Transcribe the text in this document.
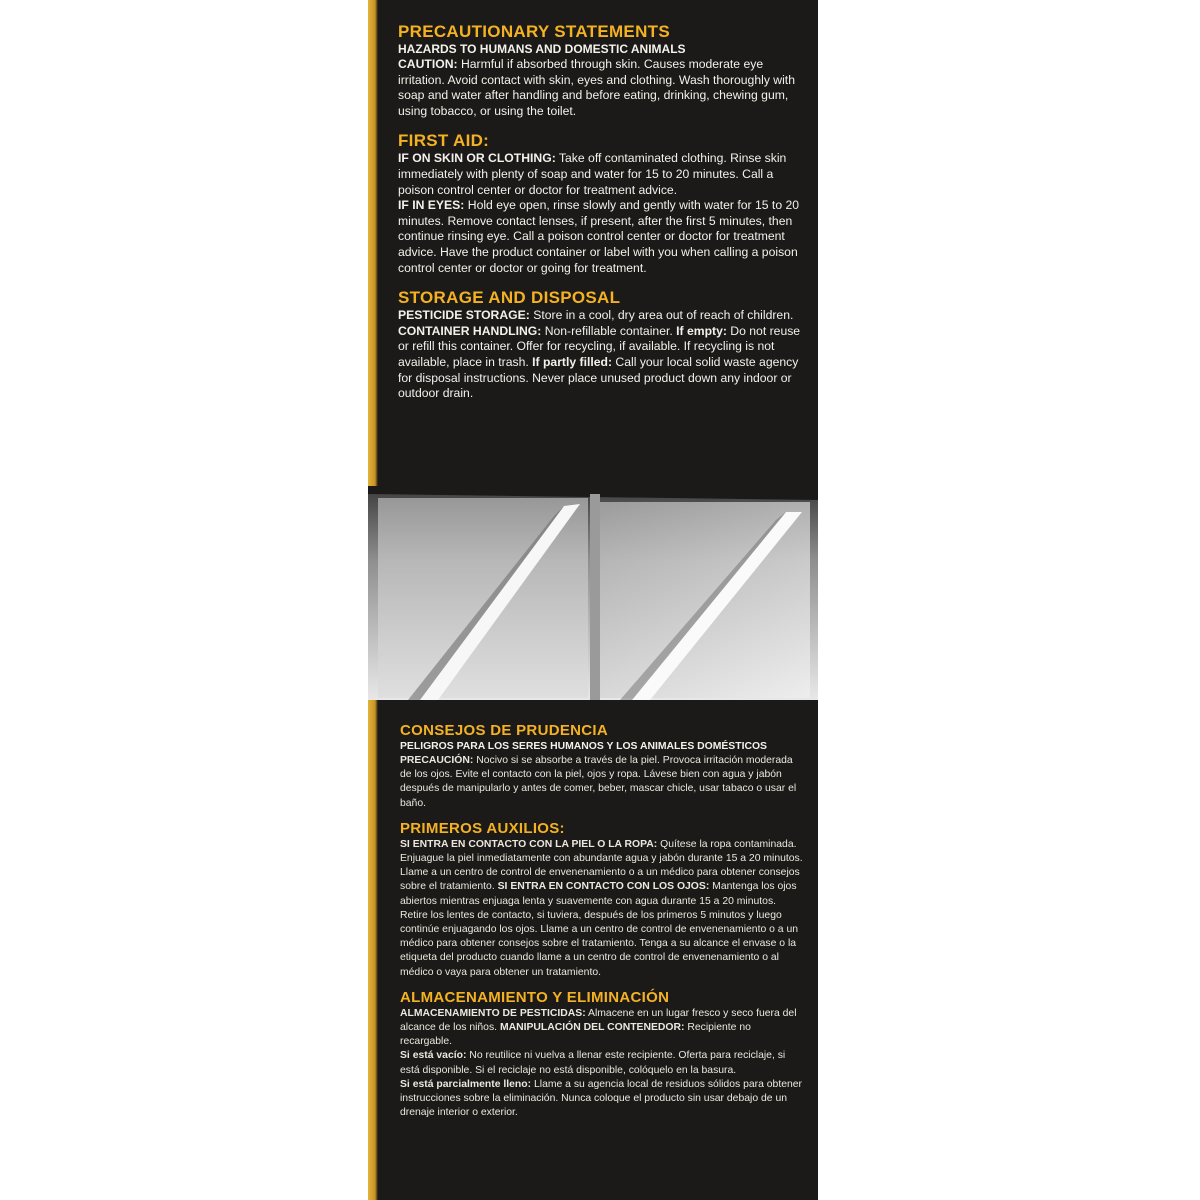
PRECAUTIONARY STATEMENTS
HAZARDS TO HUMANS AND DOMESTIC ANIMALS

CAUTION: Harmful if absorbed through skin. Causes moderate eye irritation. Avoid contact with skin, eyes and clothing. Wash thoroughly with soap and water after handling and before eating, drinking, chewing gum, using tobacco, or using the toilet.

FIRST AID:

IF ON SKIN OR CLOTHING: Take off contaminated clothing. Rinse skin immediately with plenty of soap and water for 15 to 20 minutes. Call a poison control center or doctor for treatment advice.

IF IN EYES: Hold eye open, rinse slowly and gently with water for 15 to 20 minutes. Remove contact lenses, if present, after the first 5 minutes, then continue rinsing eye. Call a poison control center or doctor for treatment advice. Have the product container or label with you when calling a poison control center or doctor or going for treatment.

STORAGE AND DISPOSAL

PESTICIDE STORAGE: Store in a cool, dry area out of reach of children.

CONTAINER HANDLING: Non-refillable container. If empty: Do not reuse or refill this container. Offer for recycling, if available. If recycling is not available, place in trash. If partly filled: Call your local solid waste agency for disposal instructions. Never place unused product down any indoor or outdoor drain.

CONSEJOS DE PRUDENCIA
PELIGROS PARA LOS SERES HUMANOS Y LOS ANIMALES DOMÉSTICOS

PRECAUCIÓN: Nocivo si se absorbe a través de la piel. Provoca irritación moderada de los ojos. Evite el contacto con la piel, ojos y ropa. Lávese bien con agua y jabón después de manipularlo y antes de comer, beber, mascar chicle, usar tabaco o usar el baño.

PRIMEROS AUXILIOS:

SI ENTRA EN CONTACTO CON LA PIEL O LA ROPA: Quítese la ropa contaminada. Enjuague la piel inmediatamente con abundante agua y jabón durante 15 a 20 minutos. Llame a un centro de control de envenenamiento o a un médico para obtener consejos sobre el tratamiento. SI ENTRA EN CONTACTO CON LOS OJOS: Mantenga los ojos abiertos mientras enjuaga lenta y suavemente con agua durante 15 a 20 minutos. Retire los lentes de contacto, si tuviera, después de los primeros 5 minutos y luego continúe enjuagando los ojos. Llame a un centro de control de envenenamiento o a un médico para obtener consejos sobre el tratamiento. Tenga a su alcance el envase o la etiqueta del producto cuando llame a un centro de control de envenenamiento o al médico o vaya para obtener un tratamiento.

ALMACENAMIENTO Y ELIMINACIÓN

ALMACENAMIENTO DE PESTICIDAS: Almacene en un lugar fresco y seco fuera del alcance de los niños. MANIPULACIÓN DEL CONTENEDOR: Recipiente no recargable.

Si está vacío: No reutilice ni vuelva a llenar este recipiente. Oferta para reciclaje, si está disponible. Si el reciclaje no está disponible, colóquelo en la basura.

Si está parcialmente lleno: Llame a su agencia local de residuos sólidos para obtener instrucciones sobre la eliminación. Nunca coloque el producto sin usar debajo de un drenaje interior o exterior.
